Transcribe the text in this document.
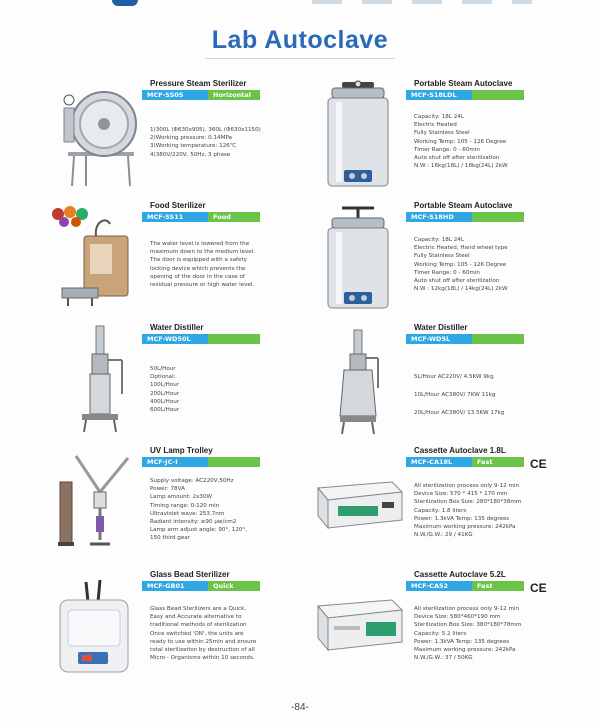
Lab Autoclave
Pressure Steam Sterilizer
MCF-SS05	Horizontal
1)300L (Φ630x905), 360L (Φ630x1150)
2)Working pressure: 0.14MPa
3)Working temperature: 126℃
4)380V/220V, 50Hz, 3 phase
Portable Steam Autoclave
MCF-S18LDL
Capacity: 18L 24L
Electric Heated
Fully Stainless Steel
Working Temp: 105 - 126 Degree
Timer Range: 0 - 60min
Auto shut off after sterilization
N.W : 16kg(18L) / 18kg(24L) 2kW
Food Sterilizer
MCF-SS11	Food
The water level is lowered from the
maximum down to the medium level.
The door is equipped with a safety
locking device which prevents the
opening of the door in the case of
residual pressure or high water level.
Portable Steam Autoclave
MCF-S18HD
Capacity: 18L 24L
Electric Heated, Hand wheel type
Fully Stainless Steel
Working Temp: 105 - 126 Degree
Timer Range: 0 - 60min
Auto shut off after sterilization
N.W : 12kg(18L) / 14kg(24L) 2kW
Water Distiller
MCF-WD50L
50L/Hour
Optional:
100L/Hour
200L/Hour
400L/Hour
600L/Hour
Water Distiller
MCF-WD5L
5L/Hour AC220V/ 4.5KW 9kg
10L/Hour AC380V/ 7KW 11kg
20L/Hour AC380V/ 13.5KW 17kg
UV Lamp Trolley
MCF-JC-I
Supply voltage: AC220V,50Hz
Power: 78VA
Lamp amount: 2x30W
Timing range: 0-120 min
Ultraviolet wave: 253.7nm
Radiant intensity: ≥90 μw/cm2
Lamp arm adjust angle: 90°, 120°,
150 third gear
Cassette Autoclave 1.8L
CE
MCF-CA18L	Fast
All sterilization process only 9-12 min
Device Size: 570 * 415 * 170 mm
Sterilization Box Size: 280*180*38mm
Capacity: 1.8 liters
Power: 1.3kVA Temp: 135 degrees
Maximum working pressure: 242kPa
N.W./G.W.: 29 / 41KG
Glass Bead Sterilizer
MCF-GB01	Quick
Glass Bead Sterilizers are a Quick,
Easy and Accurate alternative to
traditional methods of sterilization
Once switched 'ON', the units are
ready to use within 25min and ensure
total sterilization by destruction of all
Micro - Organisms within 10 seconds.
Cassette Autoclave 5.2L
CE
MCF-CA52	Fast
All sterilization process only 9-12 min
Device Size: 580*460*190 mm
Sterilization Box Size: 380*180*78mm
Capacity: 5.2 liters
Power: 1.3kVA Temp: 135 degrees
Maximum working pressure: 242kPa
N.W./G.W.: 37 / 50KG
-84-
